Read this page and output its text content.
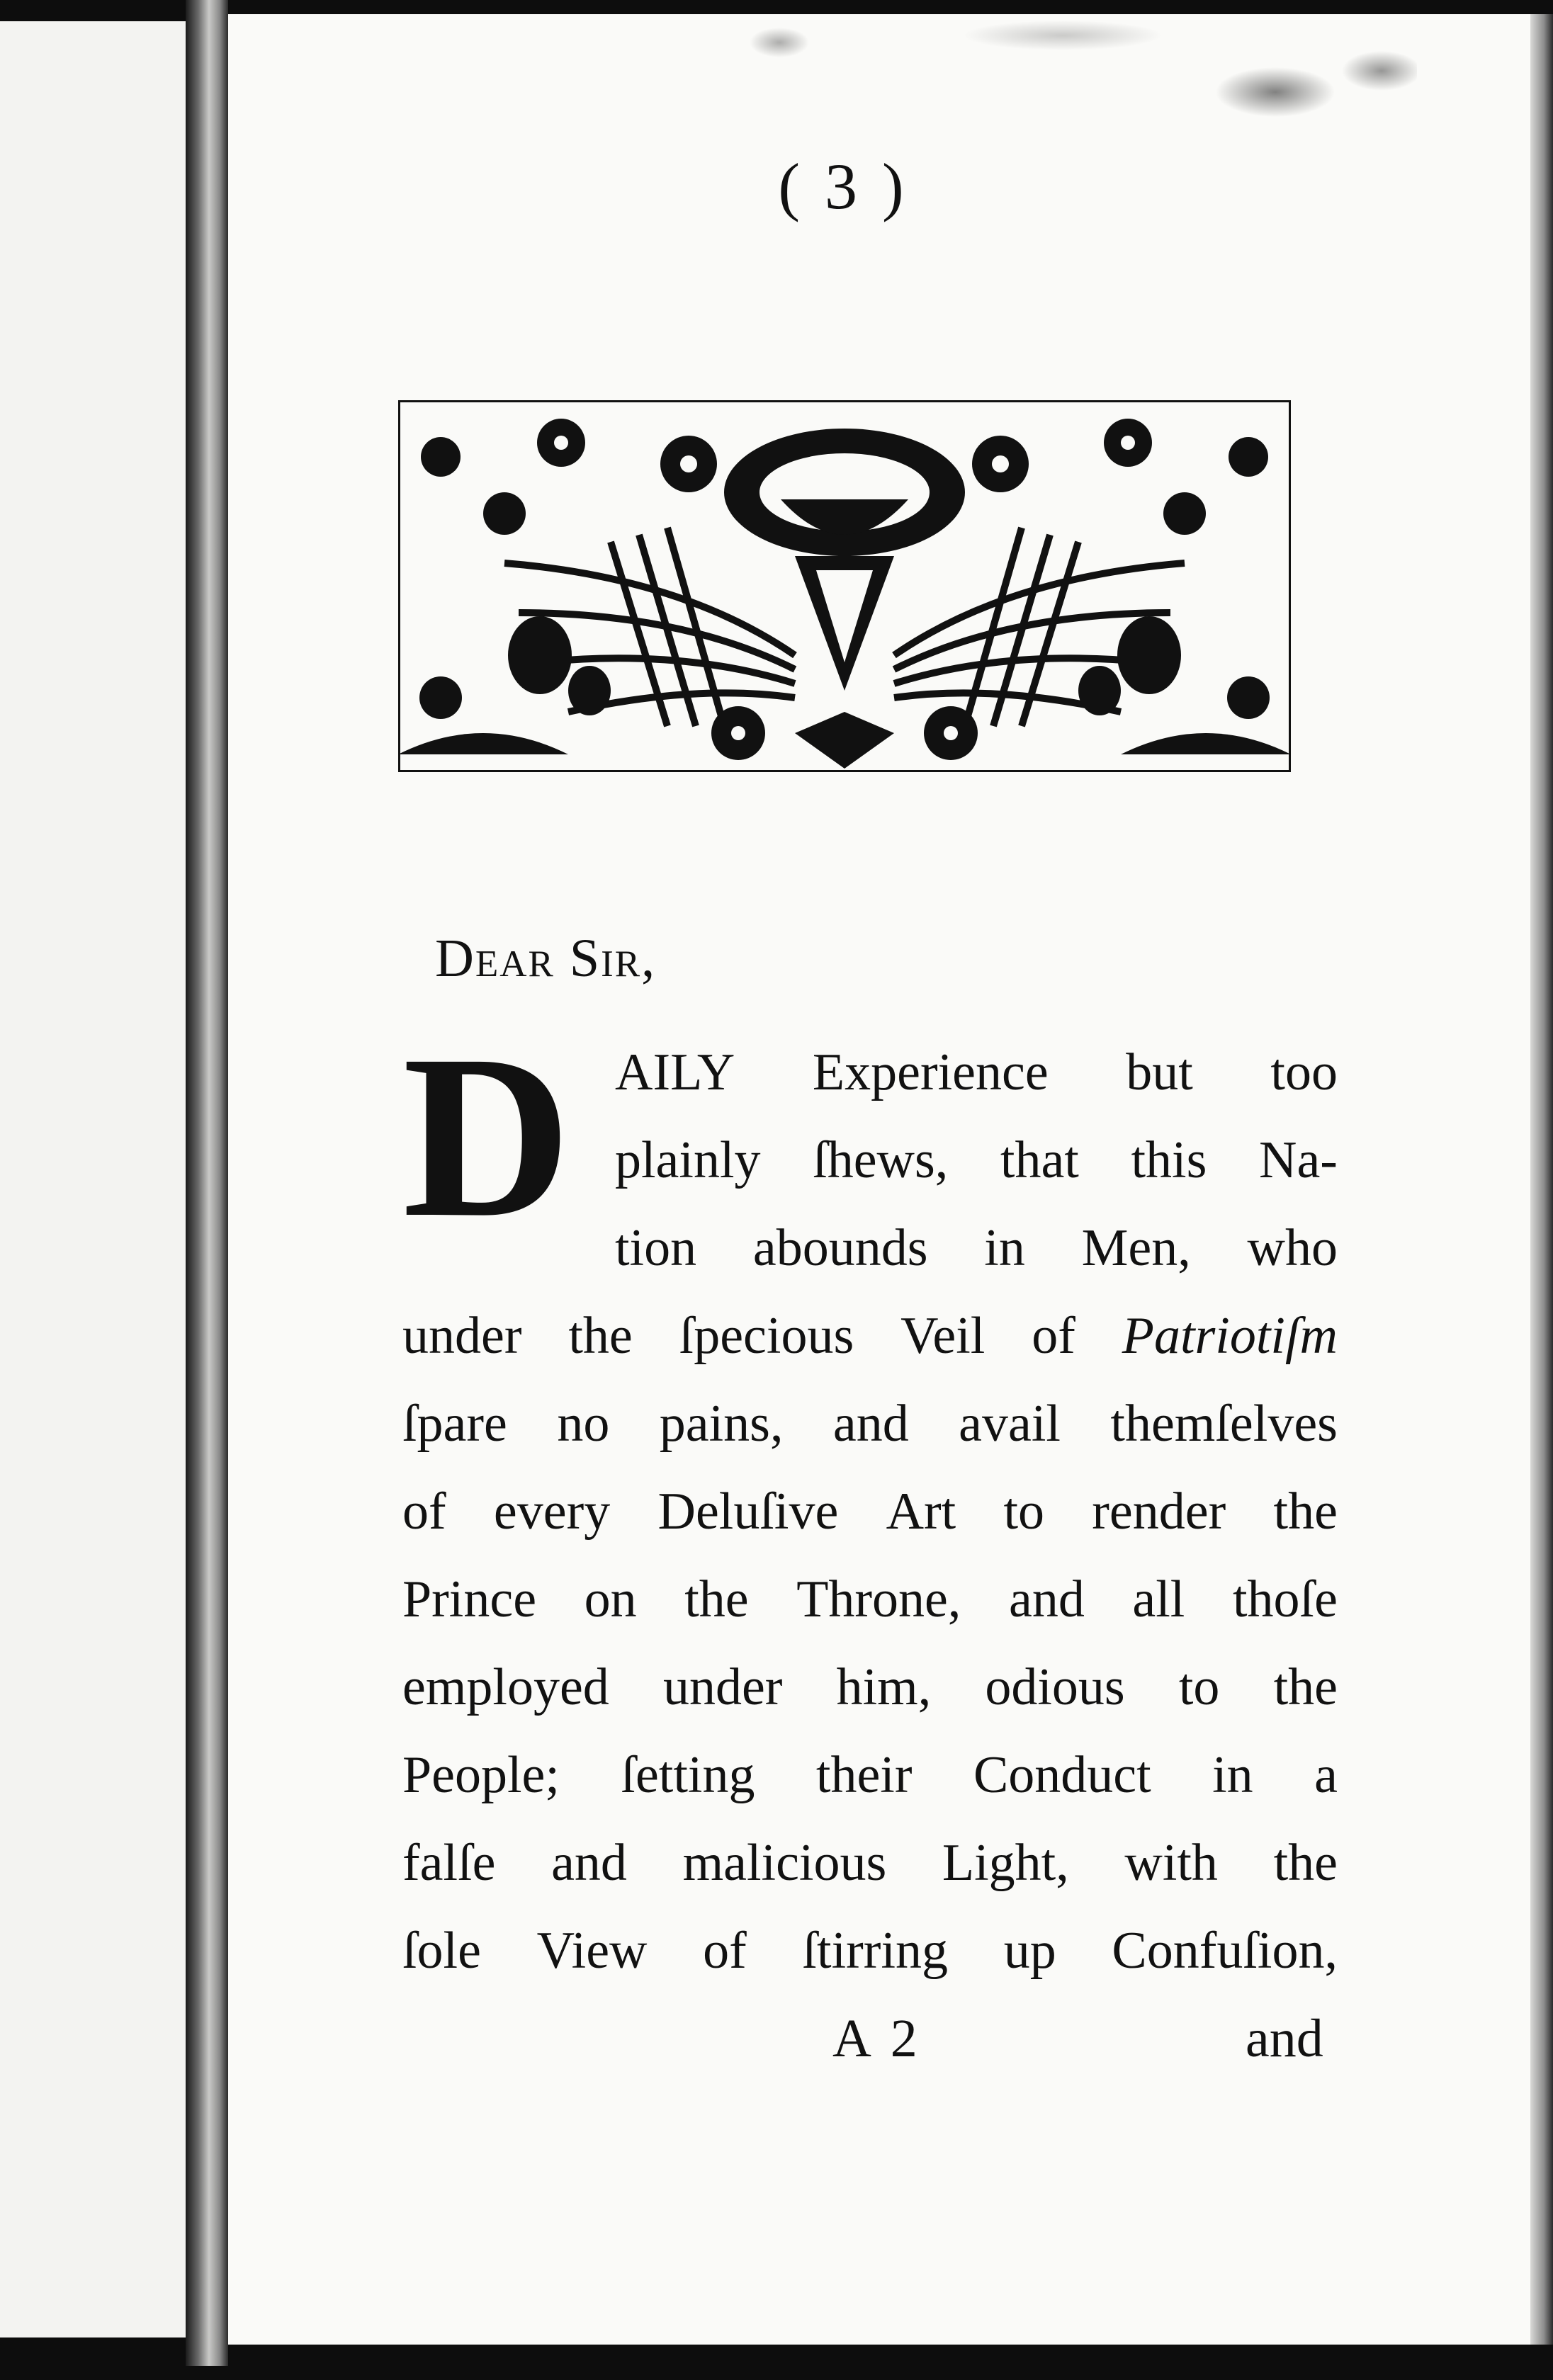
( 3 )
Dear Sir,
D AILY Experience but too
plainly ſhews, that this Na-
tion abounds in Men, who
under the ſpecious Veil of Patriotiſm
ſpare no pains, and avail themſelves
of every Deluſive Art to render the
Prince on the Throne, and all thoſe
employed under him, odious to the
People; ſetting their Conduct in a
falſe and malicious Light, with the
ſole View of ſtirring up Confuſion,
A 2	and
